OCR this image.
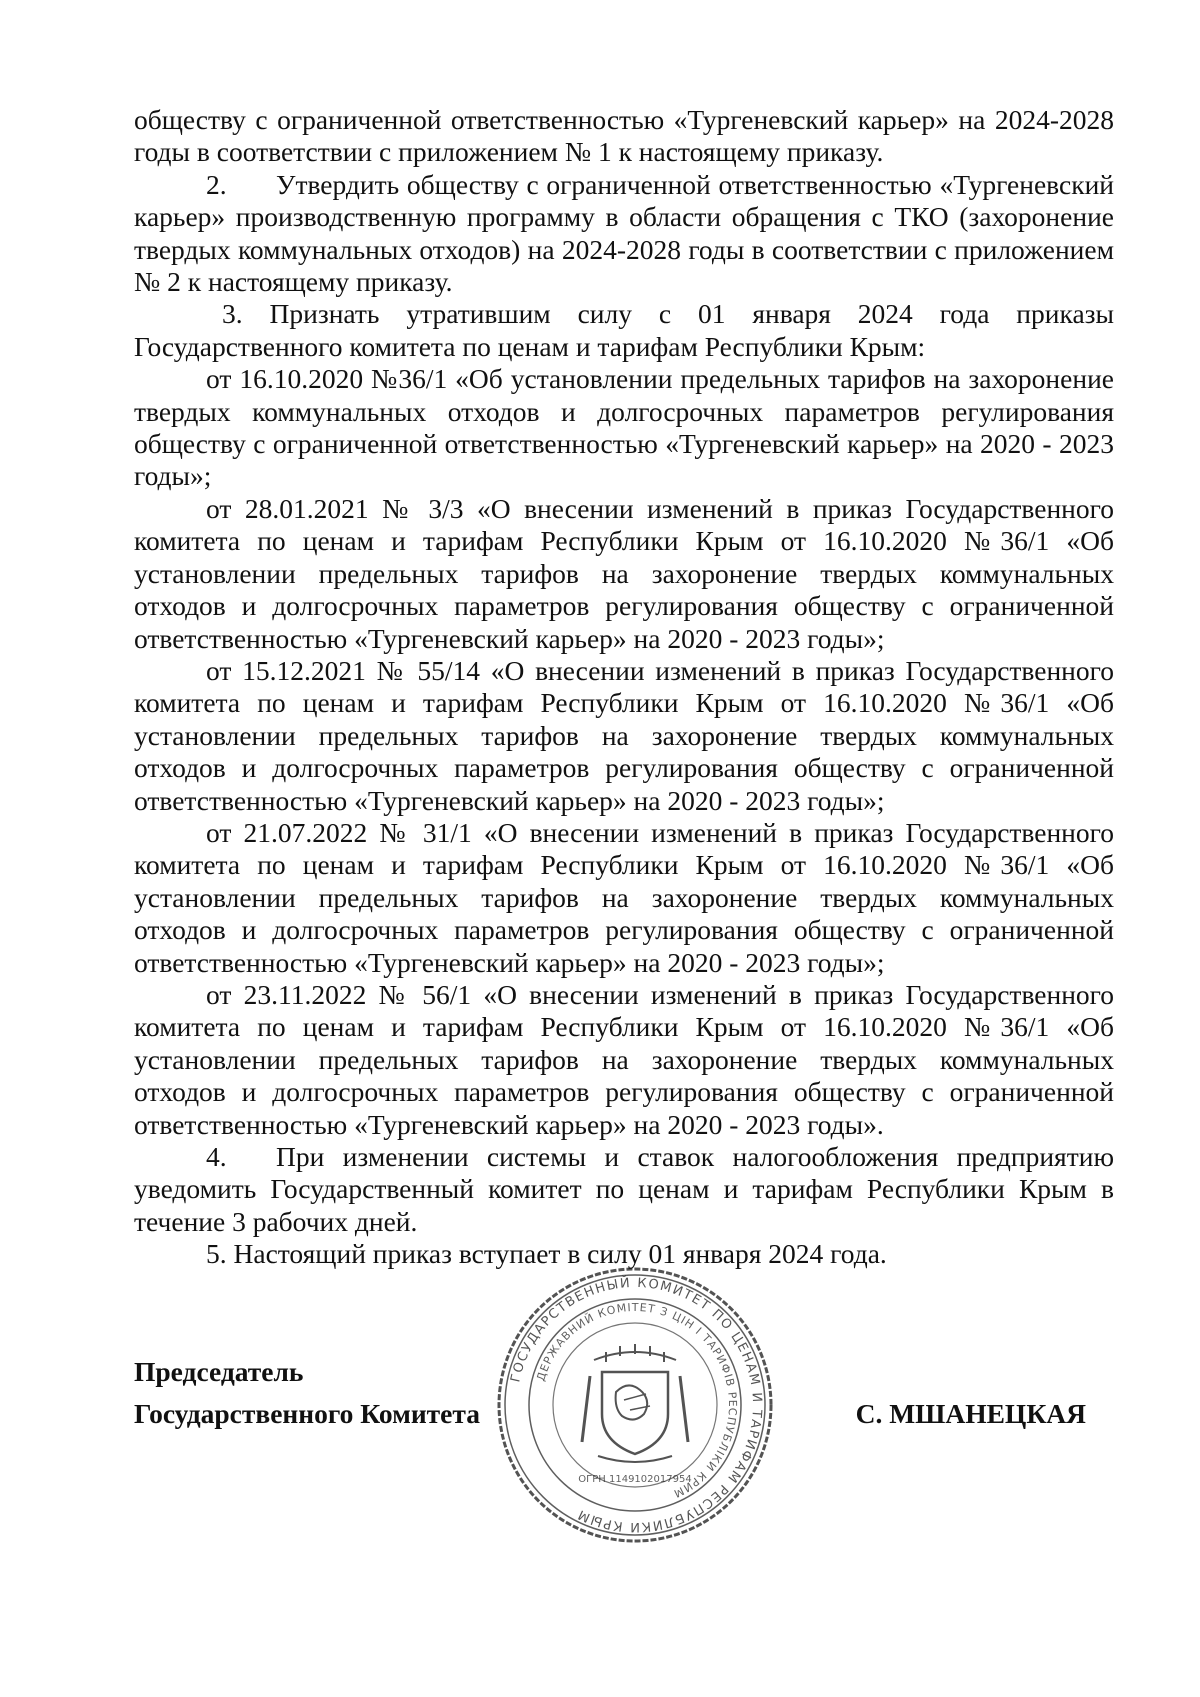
обществу с ограниченной ответственностью «Тургеневский карьер» на 2024-2028 годы в соответствии с приложением № 1 к настоящему приказу.

2. Утвердить обществу с ограниченной ответственностью «Тургеневский карьер» производственную программу в области обращения с ТКО (захоронение твердых коммунальных отходов) на 2024-2028 годы в соответствии с приложением № 2 к настоящему приказу.

3. Признать утратившим силу с 01 января 2024 года приказы Государственного комитета по ценам и тарифам Республики Крым:

от 16.10.2020 №36/1 «Об установлении предельных тарифов на захоронение твердых коммунальных отходов и долгосрочных параметров регулирования обществу с ограниченной ответственностью «Тургеневский карьер» на 2020 - 2023 годы»;

от 28.01.2021 № 3/3 «О внесении изменений в приказ Государственного комитета по ценам и тарифам Республики Крым от 16.10.2020 №36/1 «Об установлении предельных тарифов на захоронение твердых коммунальных отходов и долгосрочных параметров регулирования обществу с ограниченной ответственностью «Тургеневский карьер» на 2020 - 2023 годы»;

от 15.12.2021 № 55/14 «О внесении изменений в приказ Государственного комитета по ценам и тарифам Республики Крым от 16.10.2020 №36/1 «Об установлении предельных тарифов на захоронение твердых коммунальных отходов и долгосрочных параметров регулирования обществу с ограниченной ответственностью «Тургеневский карьер» на 2020 - 2023 годы»;

от 21.07.2022 № 31/1 «О внесении изменений в приказ Государственного комитета по ценам и тарифам Республики Крым от 16.10.2020 №36/1 «Об установлении предельных тарифов на захоронение твердых коммунальных отходов и долгосрочных параметров регулирования обществу с ограниченной ответственностью «Тургеневский карьер» на 2020 - 2023 годы»;

от 23.11.2022 № 56/1 «О внесении изменений в приказ Государственного комитета по ценам и тарифам Республики Крым от 16.10.2020 №36/1 «Об установлении предельных тарифов на захоронение твердых коммунальных отходов и долгосрочных параметров регулирования обществу с ограниченной ответственностью «Тургеневский карьер» на 2020 - 2023 годы».

4. При изменении системы и ставок налогообложения предприятию уведомить Государственный комитет по ценам и тарифам Республики Крым в течение 3 рабочих дней.

5. Настоящий приказ вступает в силу 01 января 2024 года.

Председатель
Государственного Комитета	С. МШАНЕЦКАЯ
ГОСУДАРСТВЕННЫЙ КОМИТЕТ ПО ЦЕНАМ И ТАРИФАМ РЕСПУБЛИКИ КРЫМ
ДЕРЖАВНИЙ КОМІТЕТ З ЦІН І ТАРИФІВ РЕСПУБЛІКИ КРИМ
ОГРН 1149102017954
